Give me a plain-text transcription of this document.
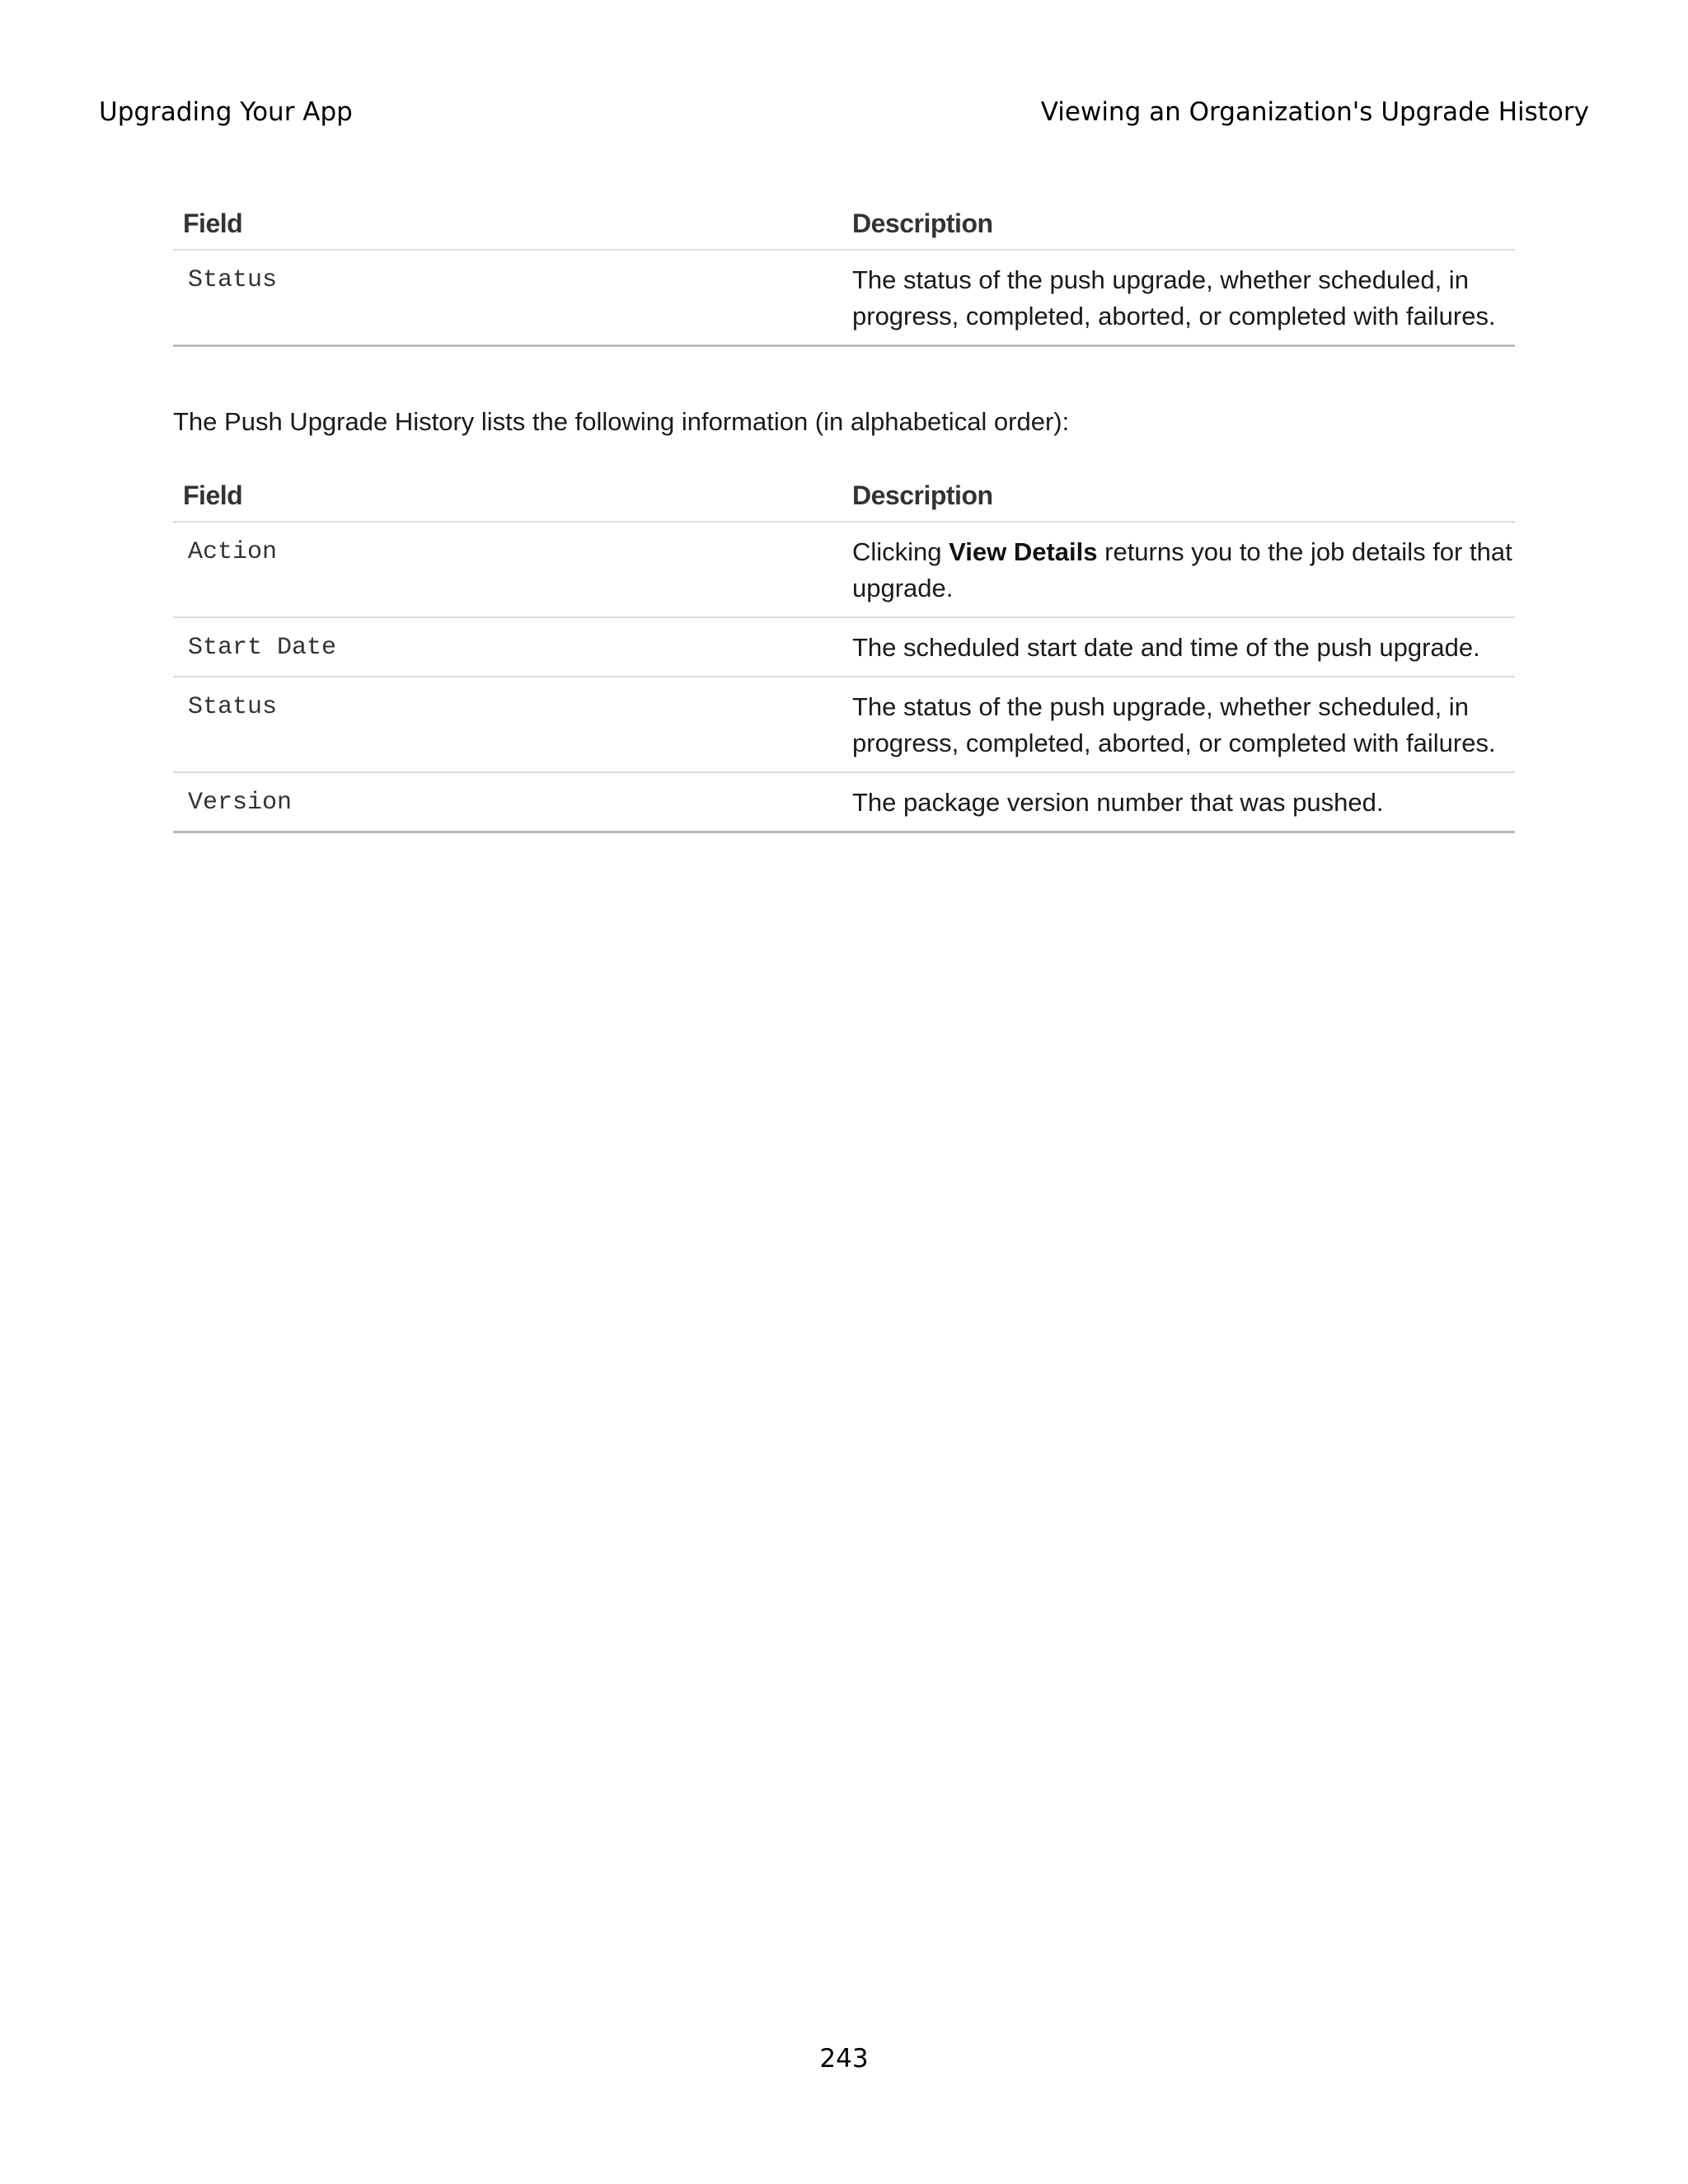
Upgrading Your App	Viewing an Organization's Upgrade History
Field	Description
Status	The status of the push upgrade, whether scheduled, in progress, completed, aborted, or completed with failures.
The Push Upgrade History lists the following information (in alphabetical order):
Field	Description
Action	Clicking View Details returns you to the job details for that upgrade.
Start Date	The scheduled start date and time of the push upgrade.
Status	The status of the push upgrade, whether scheduled, in progress, completed, aborted, or completed with failures.
Version	The package version number that was pushed.
243
